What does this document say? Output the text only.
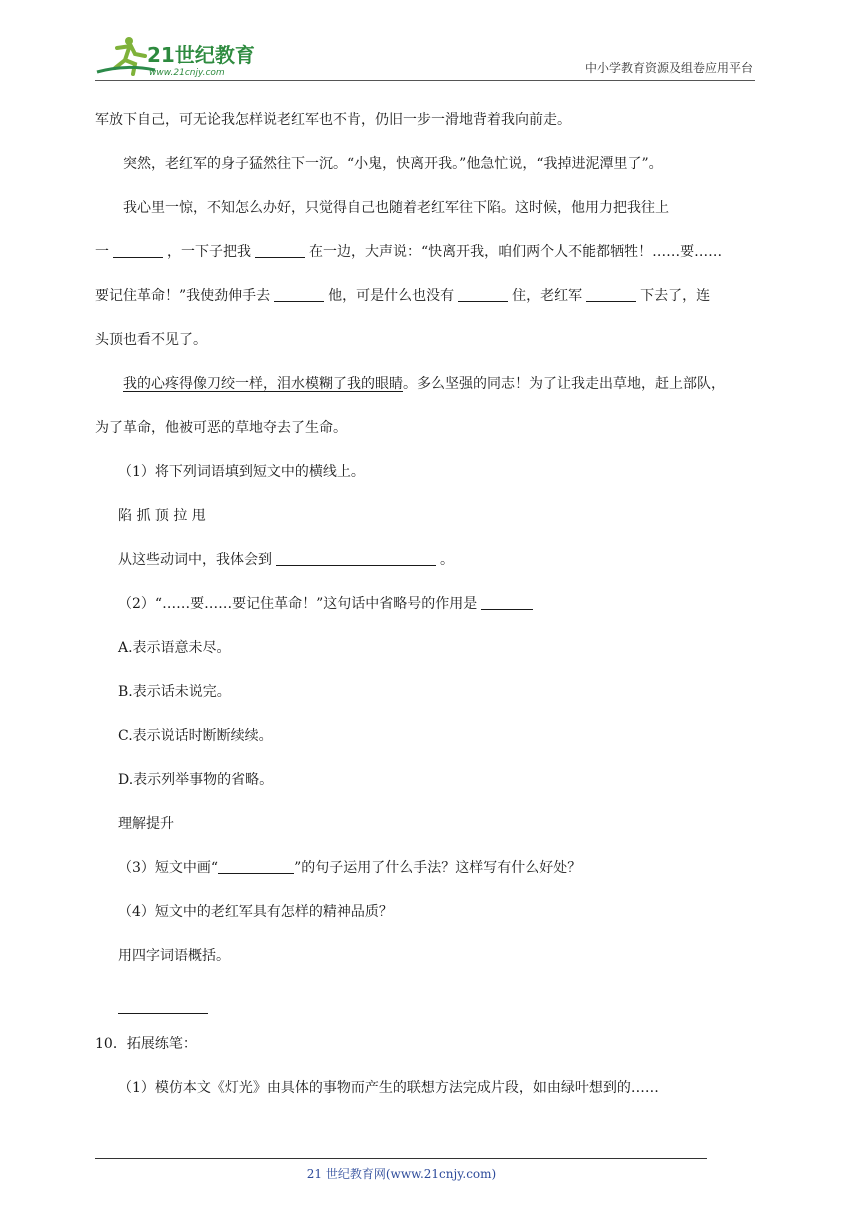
21世纪教育
www.21cnjy.com	中小学教育资源及组卷应用平台

军放下自己，可无论我怎样说老红军也不肯，仍旧一步一滑地背着我向前走。

突然，老红军的身子猛然往下一沉。“小鬼，快离开我。”他急忙说，“我掉进泥潭里了”。

我心里一惊，不知怎么办好，只觉得自己也随着老红军往下陷。这时候，他用力把我往上

一	，一下子把我	在一边，大声说：“快离开我，咱们两个人不能都牺牲！……要……

要记住革命！”我使劲伸手去	他，可是什么也没有	住，老红军	下去了，连

头顶也看不见了。

我的心疼得像刀绞一样，泪水模糊了我的眼睛。多么坚强的同志！为了让我走出草地，赶上部队，

为了革命，他被可恶的草地夺去了生命。

（1）将下列词语填到短文中的横线上。

陷 抓 顶 拉 甩

从这些动词中，我体会到	。

（2）“……要……要记住革命！”这句话中省略号的作用是

A.表示语意未尽。

B.表示话未说完。

C.表示说话时断断续续。

D.表示列举事物的省略。

理解提升

（3）短文中画“	”的句子运用了什么手法？这样写有什么好处？

（4）短文中的老红军具有怎样的精神品质？

用四字词语概括。

10．拓展练笔：

（1）模仿本文《灯光》由具体的事物而产生的联想方法完成片段，如由绿叶想到的……

21 世纪教育网(www.21cnjy.com)
